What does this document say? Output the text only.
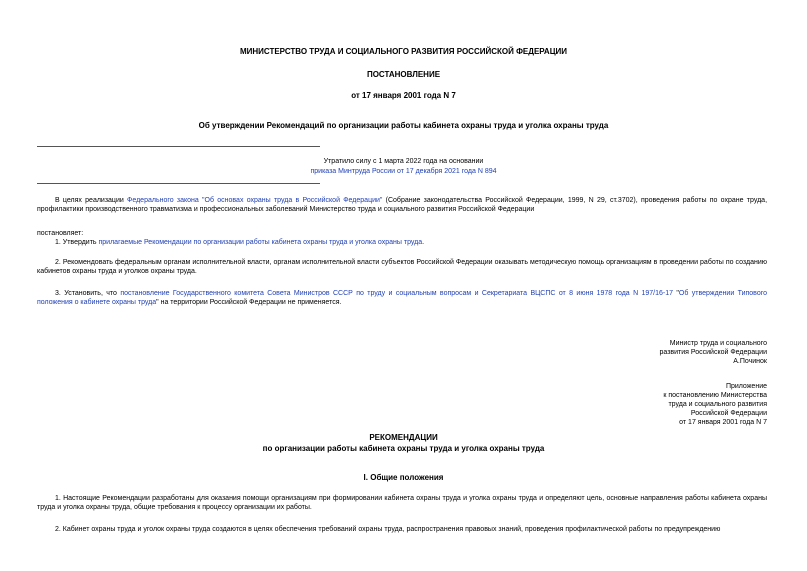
МИНИСТЕРСТВО ТРУДА И СОЦИАЛЬНОГО РАЗВИТИЯ РОССИЙСКОЙ ФЕДЕРАЦИИ
ПОСТАНОВЛЕНИЕ
от 17 января 2001 года N 7
Об утверждении Рекомендаций по организации работы кабинета охраны труда и уголка охраны труда
Утратило силу с 1 марта 2022 года на основании
приказа Минтруда России от 17 декабря 2021 года N 894
В целях реализации Федерального закона "Об основах охраны труда в Российской Федерации" (Собрание законодательства Российской Федерации, 1999, N 29, ст.3702), проведения работы по охране труда, профилактики производственного травматизма и профессиональных заболеваний Министерство труда и социального развития Российской Федерации
постановляет:
1. Утвердить прилагаемые Рекомендации по организации работы кабинета охраны труда и уголка охраны труда.
2. Рекомендовать федеральным органам исполнительной власти, органам исполнительной власти субъектов Российской Федерации оказывать методическую помощь организациям в проведении работы по созданию кабинетов охраны труда и уголков охраны труда.
3. Установить, что постановление Государственного комитета Совета Министров СССР по труду и социальным вопросам и Секретариата ВЦСПС от 8 июня 1978 года N 197/16-17 "Об утверждении Типового положения о кабинете охраны труда" на территории Российской Федерации не применяется.
Министр труда и социального
развития Российской Федерации
А.Починок
Приложение
к постановлению Министерства
труда и социального развития
Российской Федерации
от 17 января 2001 года N 7
РЕКОМЕНДАЦИИ
по организации работы кабинета охраны труда и уголка охраны труда
I. Общие положения
1. Настоящие Рекомендации разработаны для оказания помощи организациям при формировании кабинета охраны труда и уголка охраны труда и определяют цель, основные направления работы кабинета охраны труда и уголка охраны труда, общие требования к процессу организации их работы.
2. Кабинет охраны труда и уголок охраны труда создаются в целях обеспечения требований охраны труда, распространения правовых знаний, проведения профилактической работы по предупреждению
